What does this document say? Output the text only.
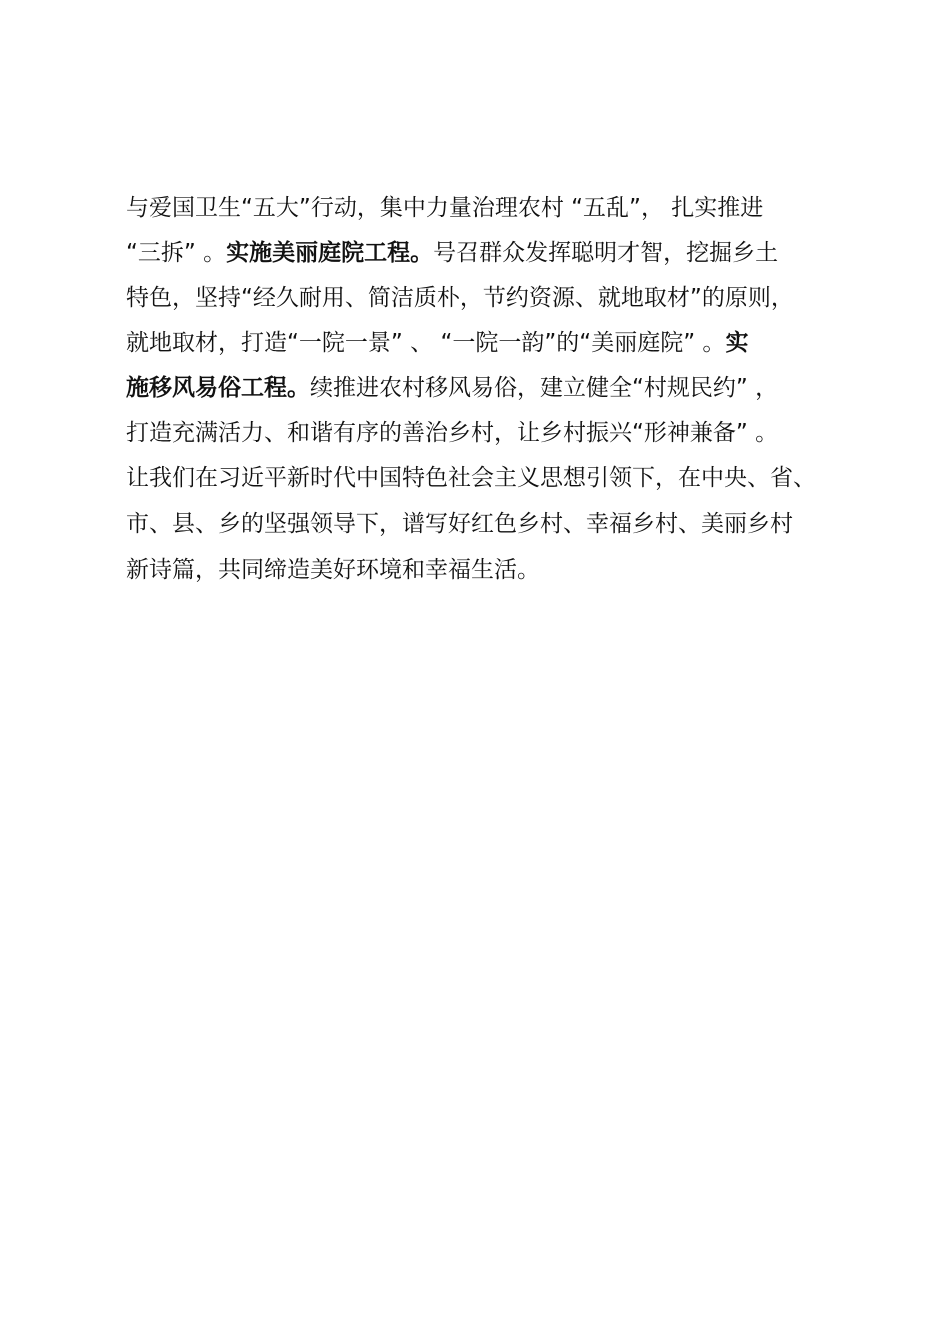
与爱国卫生“五大”行动，集中力量治理农村 “五乱”， 扎实推进
“三拆” 。实施美丽庭院工程。号召群众发挥聪明才智，挖掘乡土
特色，坚持“经久耐用、简洁质朴，节约资源、就地取材”的原则，
就地取材，打造“一院一景” 、 “一院一韵”的“美丽庭院” 。实
施移风易俗工程。续推进农村移风易俗，建立健全“村规民约” ，
打造充满活力、和谐有序的善治乡村，让乡村振兴“形神兼备” 。
让我们在习近平新时代中国特色社会主义思想引领下，在中央、省、
市、县、乡的坚强领导下，谱写好红色乡村、幸福乡村、美丽乡村
新诗篇，共同缔造美好环境和幸福生活。
